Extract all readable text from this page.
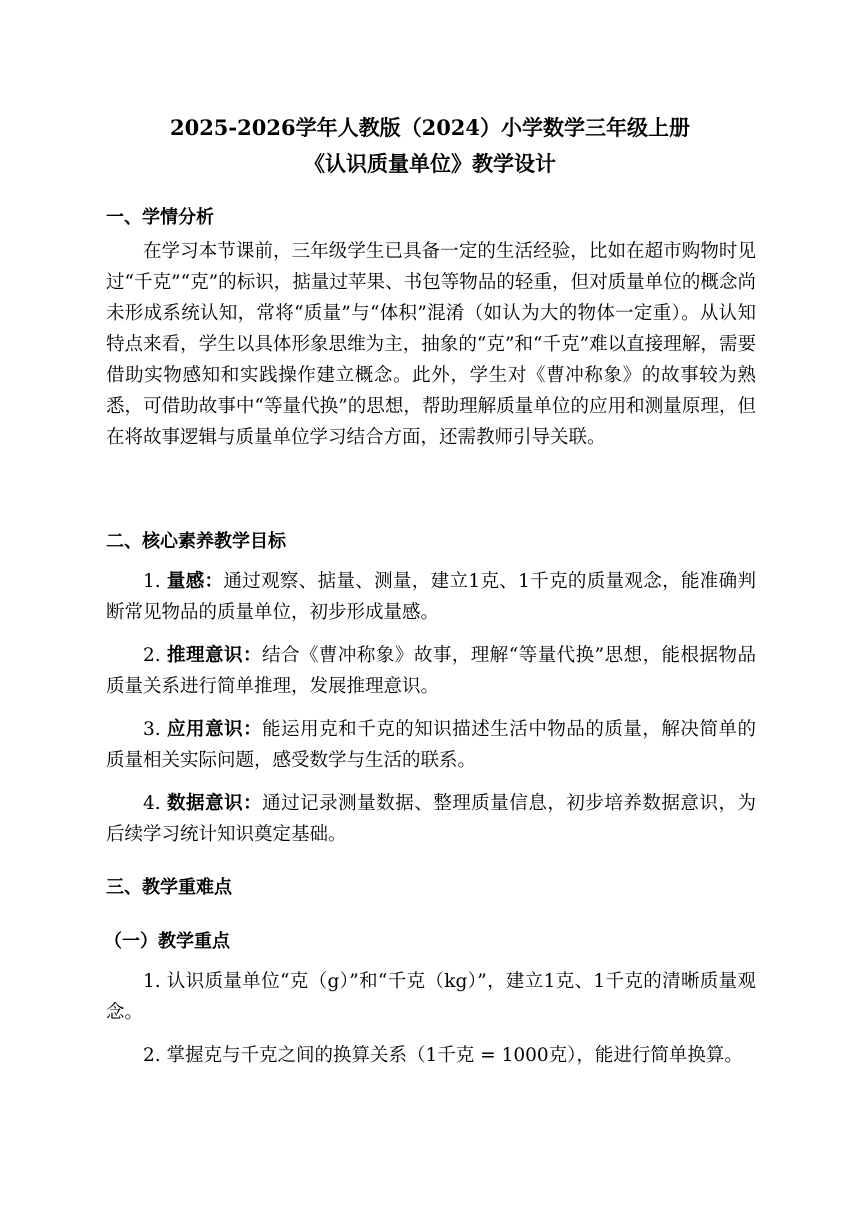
2025-2026学年人教版（2024）小学数学三年级上册
《认识质量单位》教学设计
一、学情分析
在学习本节课前，三年级学生已具备一定的生活经验，比如在超市购物时见过“千克”“克”的标识，掂量过苹果、书包等物品的轻重，但对质量单位的概念尚未形成系统认知，常将“质量”与“体积”混淆（如认为大的物体一定重）。从认知特点来看，学生以具体形象思维为主，抽象的“克”和“千克”难以直接理解，需要借助实物感知和实践操作建立概念。此外，学生对《曹冲称象》的故事较为熟悉，可借助故事中“等量代换”的思想，帮助理解质量单位的应用和测量原理，但在将故事逻辑与质量单位学习结合方面，还需教师引导关联。
二、核心素养教学目标
1. 量感：通过观察、掂量、测量，建立1克、1千克的质量观念，能准确判断常见物品的质量单位，初步形成量感。
2. 推理意识：结合《曹冲称象》故事，理解“等量代换”思想，能根据物品质量关系进行简单推理，发展推理意识。
3. 应用意识：能运用克和千克的知识描述生活中物品的质量，解决简单的质量相关实际问题，感受数学与生活的联系。
4. 数据意识：通过记录测量数据、整理质量信息，初步培养数据意识，为后续学习统计知识奠定基础。
三、教学重难点
（一）教学重点
1. 认识质量单位“克（g）”和“千克（kg）”，建立1克、1千克的清晰质量观念。
2. 掌握克与千克之间的换算关系（1千克 = 1000克），能进行简单换算。
